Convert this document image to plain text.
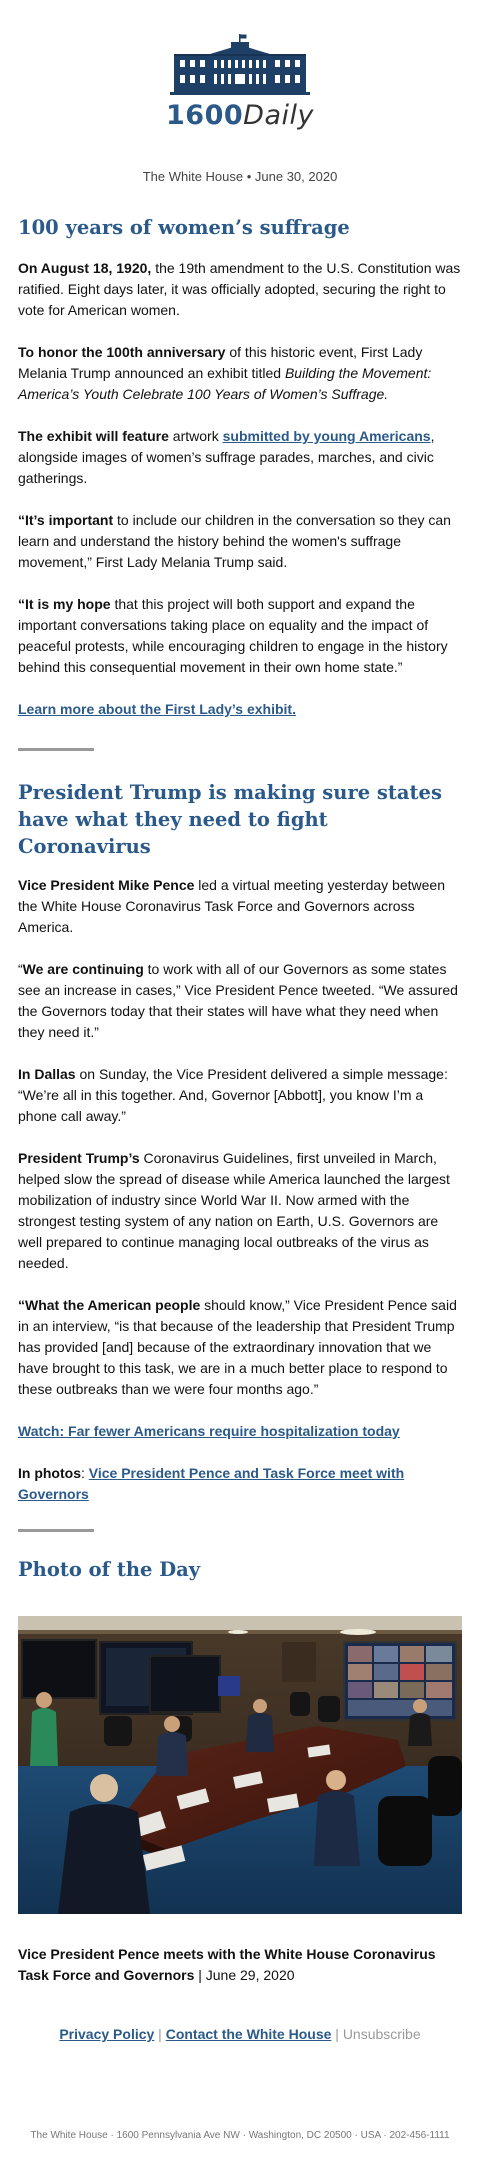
1600Daily
The White House • June 30, 2020
100 years of women’s suffrage

On August 18, 1920, the 19th amendment to the U.S. Constitution was ratified. Eight days later, it was officially adopted, securing the right to vote for American women.

To honor the 100th anniversary of this historic event, First Lady Melania Trump announced an exhibit titled Building the Movement: America’s Youth Celebrate 100 Years of Women’s Suffrage.

The exhibit will feature artwork submitted by young Americans, alongside images of women’s suffrage parades, marches, and civic gatherings.

“It’s important to include our children in the conversation so they can learn and understand the history behind the women's suffrage movement,” First Lady Melania Trump said.

“It is my hope that this project will both support and expand the important conversations taking place on equality and the impact of peaceful protests, while encouraging children to engage in the history behind this consequential movement in their own home state.”

Learn more about the First Lady’s exhibit.

President Trump is making sure states have what they need to fight Coronavirus

Vice President Mike Pence led a virtual meeting yesterday between the White House Coronavirus Task Force and Governors across America.

“We are continuing to work with all of our Governors as some states see an increase in cases,” Vice President Pence tweeted. “We assured the Governors today that their states will have what they need when they need it.”

In Dallas on Sunday, the Vice President delivered a simple message: “We’re all in this together. And, Governor [Abbott], you know I’m a phone call away.”

President Trump’s Coronavirus Guidelines, first unveiled in March, helped slow the spread of disease while America launched the largest mobilization of industry since World War II. Now armed with the strongest testing system of any nation on Earth, U.S. Governors are well prepared to continue managing local outbreaks of the virus as needed.

“What the American people should know,” Vice President Pence said in an interview, “is that because of the leadership that President Trump has provided [and] because of the extraordinary innovation that we have brought to this task, we are in a much better place to respond to these outbreaks than we were four months ago.”

Watch: Far fewer Americans require hospitalization today

In photos: Vice President Pence and Task Force meet with Governors

Photo of the Day

Vice President Pence meets with the White House Coronavirus Task Force and Governors | June 29, 2020

Privacy Policy | Contact the White House | Unsubscribe
The White House · 1600 Pennsylvania Ave NW · Washington, DC 20500 · USA · 202-456-1111
